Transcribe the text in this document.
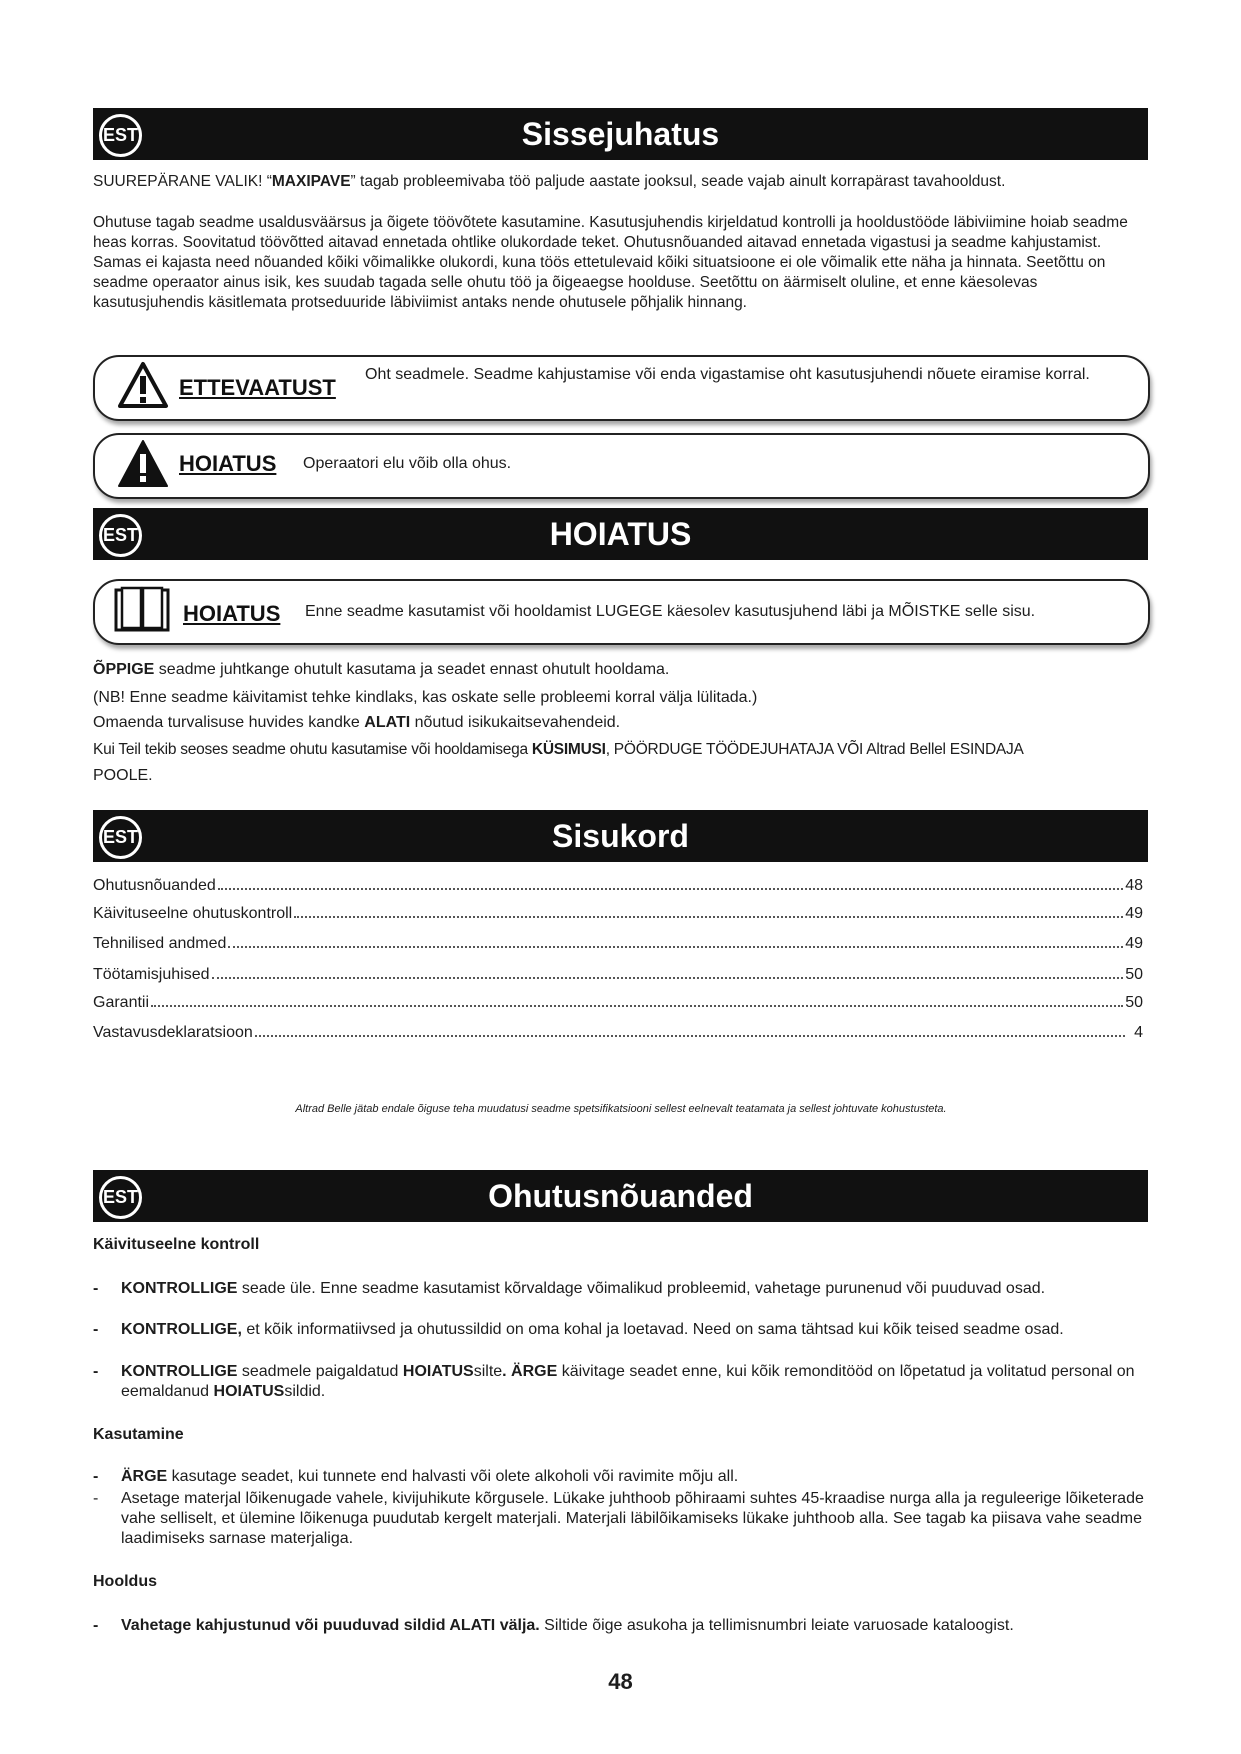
EST	Sissejuhatus
SUUREPÄRANE VALIK! “MAXIPAVE” tagab probleemivaba töö paljude aastate jooksul, seade vajab ainult korrapärast tavahooldust.
Ohutuse tagab seadme usaldusväärsus ja õigete töövõtete kasutamine. Kasutusjuhendis kirjeldatud kontrolli ja hooldustööde läbiviimine hoiab seadme heas korras. Soovitatud töövõtted aitavad ennetada ohtlike olukordade teket. Ohutusnõuanded aitavad ennetada vigastusi ja seadme kahjustamist. Samas ei kajasta need nõuanded kõiki võimalikke olukordi, kuna töös ettetulevaid kõiki situatsioone ei ole võimalik ette näha ja hinnata. Seetõttu on seadme operaator ainus isik, kes suudab tagada selle ohutu töö ja õigeaegse hoolduse. Seetõttu on äärmiselt oluline, et enne käesolevas kasutusjuhendis käsitlemata protseduuride läbiviimist antaks nende ohutusele põhjalik hinnang.
ETTEVAATUST
Oht seadmele. Seadme kahjustamise või enda vigastamise oht kasutusjuhendi nõuete eiramise korral.
HOIATUS Operaatori elu võib olla ohus.
EST	HOIATUS
HOIATUS Enne seadme kasutamist või hooldamist LUGEGE käesolev kasutusjuhend läbi ja MÕISTKE selle sisu.
ÕPPIGE seadme juhtkange ohutult kasutama ja seadet ennast ohutult hooldama.
(NB! Enne seadme käivitamist tehke kindlaks, kas oskate selle probleemi korral välja lülitada.)
Omaenda turvalisuse huvides kandke ALATI nõutud isikukaitsevahendeid.
Kui Teil tekib seoses seadme ohutu kasutamise või hooldamisega KÜSIMUSI, PÖÖRDUGE TÖÖDEJUHATAJA VÕI Altrad Bellel ESINDAJA
POOLE.
EST	Sisukord
Ohutusnõuanded	48
Käivituseelne ohutuskontroll	49
Tehnilised andmed	49
Töötamisjuhised	50
Garantii	50
Vastavusdeklaratsioon	4
Altrad Belle jätab endale õiguse teha muudatusi seadme spetsifikatsiooni sellest eelnevalt teatamata ja sellest johtuvate kohustusteta.
EST	Ohutusnõuanded
Käivituseelne kontroll
- KONTROLLIGE seade üle. Enne seadme kasutamist kõrvaldage võimalikud probleemid, vahetage purunenud või puuduvad osad.
- KONTROLLIGE, et kõik informatiivsed ja ohutussildid on oma kohal ja loetavad. Need on sama tähtsad kui kõik teised seadme osad.
- KONTROLLIGE seadmele paigaldatud HOIATUSsilte. ÄRGE käivitage seadet enne, kui kõik remonditööd on lõpetatud ja volitatud personal on eemaldanud HOIATUSsildid.
Kasutamine
- ÄRGE kasutage seadet, kui tunnete end halvasti või olete alkoholi või ravimite mõju all.
- Asetage materjal lõikenugade vahele, kivijuhikute kõrgusele. Lükake juhthoob põhiraami suhtes 45-kraadise nurga alla ja reguleerige lõiketerade vahe selliselt, et ülemine lõikenuga puudutab kergelt materjali. Materjali läbilõikamiseks lükake juhthoob alla. See tagab ka piisava vahe seadme laadimiseks sarnase materjaliga.
Hooldus
- Vahetage kahjustunud või puuduvad sildid ALATI välja. Siltide õige asukoha ja tellimisnumbri leiate varuosade kataloogist.
48
